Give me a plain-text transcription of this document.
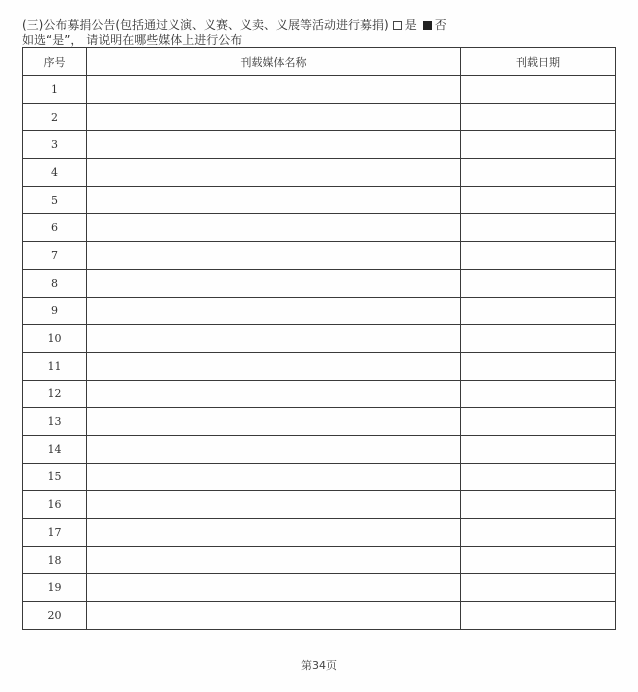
(三)公布募捐公告(包括通过义演、义赛、义卖、义展等活动进行募捐) 是 否
如选“是”， 请说明在哪些媒体上进行公布
序号	刊载媒体名称	刊载日期
1		
2		
3		
4		
5		
6		
7		
8		
9		
10		
11		
12		
13		
14		
15		
16		
17		
18		
19		
20		
第34页
